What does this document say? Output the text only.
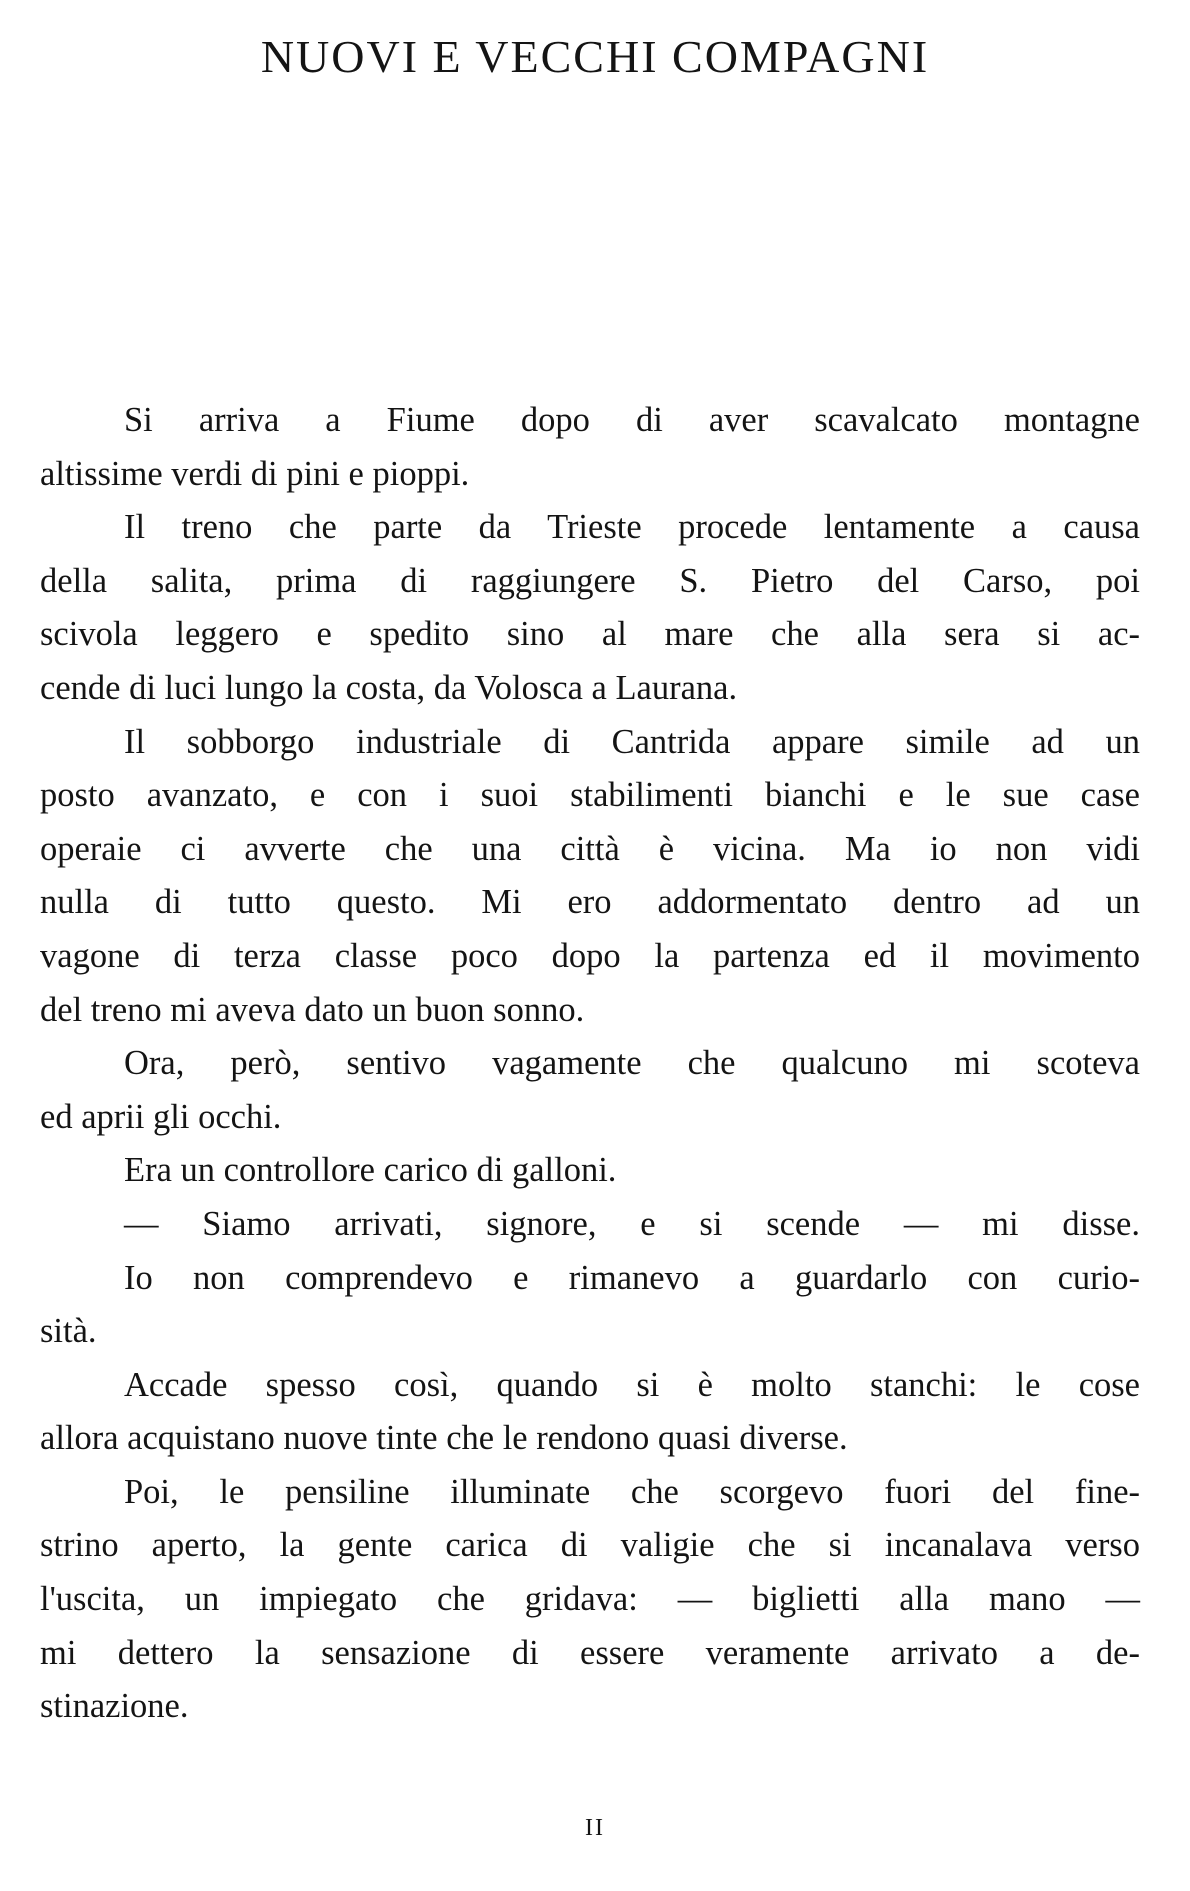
NUOVI E VECCHI COMPAGNI
Si arriva a Fiume dopo di aver scavalcato montagne
altissime verdi di pini e pioppi.
Il treno che parte da Trieste procede lentamente a causa
della salita, prima di raggiungere S. Pietro del Carso, poi
scivola leggero e spedito sino al mare che alla sera si ac-
cende di luci lungo la costa, da Volosca a Laurana.
Il sobborgo industriale di Cantrida appare simile ad un
posto avanzato, e con i suoi stabilimenti bianchi e le sue case
operaie ci avverte che una città è vicina. Ma io non vidi
nulla di tutto questo. Mi ero addormentato dentro ad un
vagone di terza classe poco dopo la partenza ed il movimento
del treno mi aveva dato un buon sonno.
Ora, però, sentivo vagamente che qualcuno mi scoteva
ed aprii gli occhi.
Era un controllore carico di galloni.
— Siamo arrivati, signore, e si scende — mi disse.
Io non comprendevo e rimanevo a guardarlo con curio-
sità.
Accade spesso così, quando si è molto stanchi: le cose
allora acquistano nuove tinte che le rendono quasi diverse.
Poi, le pensiline illuminate che scorgevo fuori del fine-
strino aperto, la gente carica di valigie che si incanalava verso
l'uscita, un impiegato che gridava: — biglietti alla mano —
mi dettero la sensazione di essere veramente arrivato a de-
stinazione.
II
